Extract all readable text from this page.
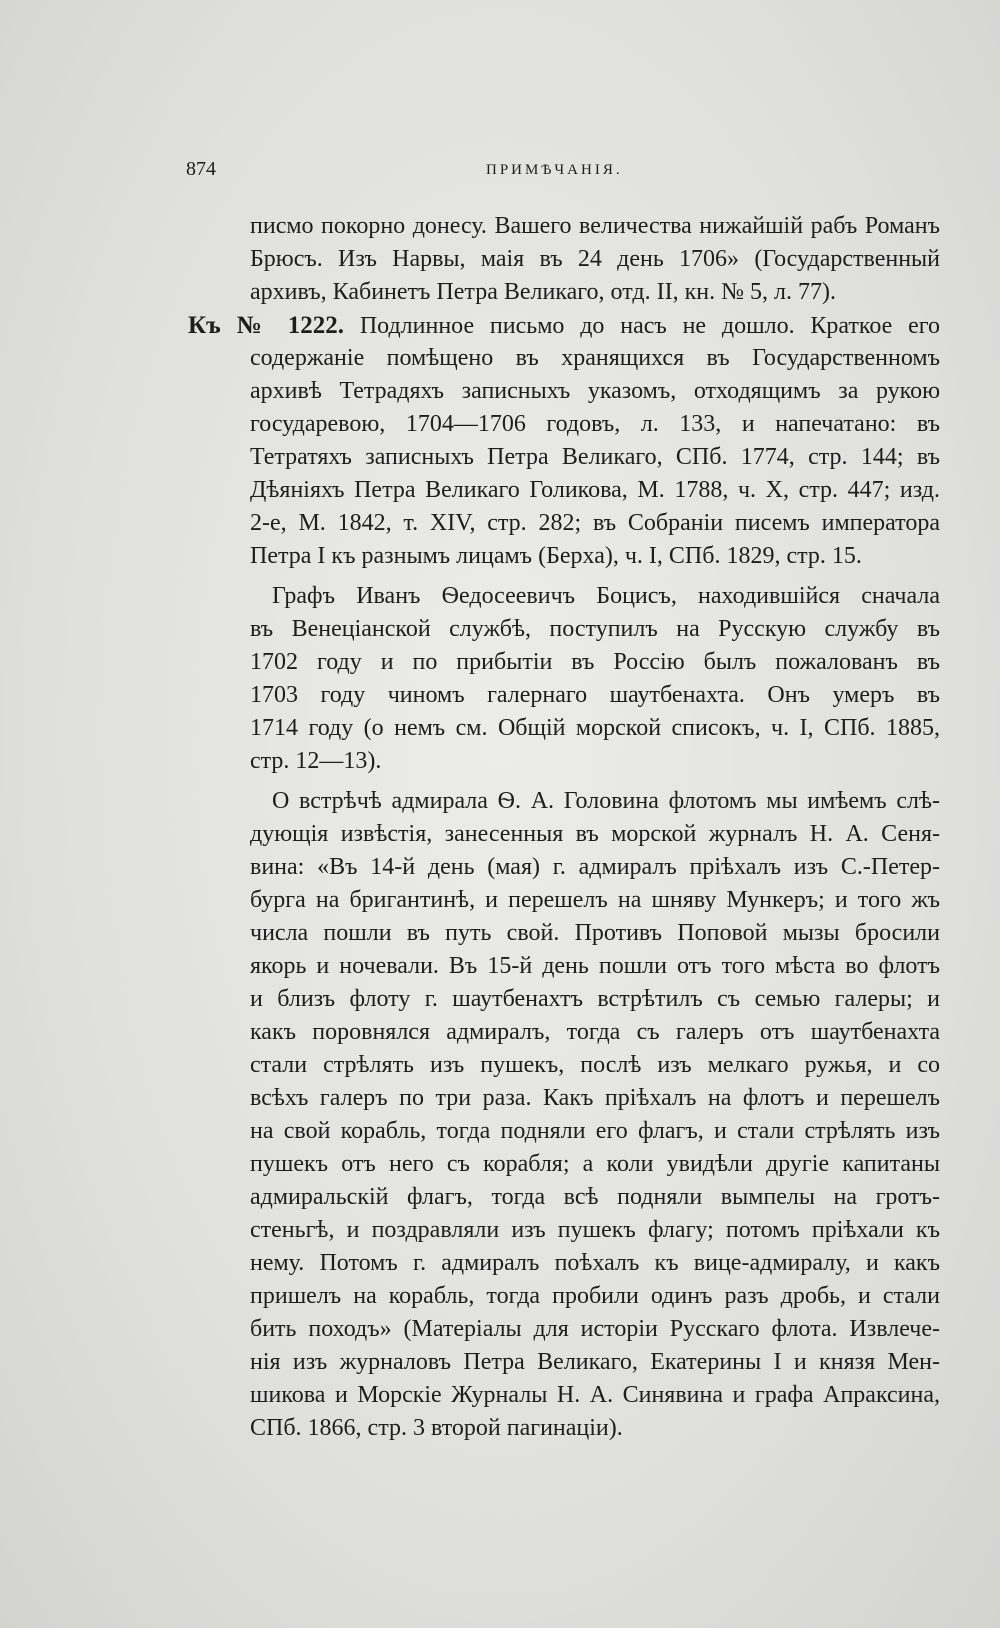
874	ПРИМѢЧАНІЯ.
писмо покорно донесу. Вашего величества нижайшій рабъ Романъ
Брюсъ. Изъ Нарвы, маія въ 24 день 1706» (Государственный
архивъ, Кабинетъ Петра Великаго, отд. II, кн. № 5, л. 77).
Къ № 1222. Подлинное письмо до насъ не дошло. Краткое его
содержаніе помѣщено въ хранящихся въ Государственномъ
архивѣ Тетрадяхъ записныхъ указомъ, отходящимъ за рукою
государевою, 1704—1706 годовъ, л. 133, и напечатано: въ
Тетратяхъ записныхъ Петра Великаго, СПб. 1774, стр. 144; въ
Дѣяніяхъ Петра Великаго Голикова, М. 1788, ч. X, стр. 447; изд.
2-е, М. 1842, т. XIV, стр. 282; въ Собраніи писемъ императора
Петра I къ разнымъ лицамъ (Берха), ч. I, СПб. 1829, стр. 15.
Графъ Иванъ Ѳедосеевичъ Боцисъ, находившійся сначала
въ Венеціанской службѣ, поступилъ на Русскую службу въ
1702 году и по прибытіи въ Россію былъ пожалованъ въ
1703 году чиномъ галернаго шаутбенахта. Онъ умеръ въ
1714 году (о немъ см. Общій морской списокъ, ч. I, СПб. 1885,
стр. 12—13).
О встрѣчѣ адмирала Ѳ. А. Головина флотомъ мы имѣемъ слѣ-
дующія извѣстія, занесенныя въ морской журналъ Н. А. Сеня-
вина: «Въ 14-й день (мая) г. адмиралъ пріѣхалъ изъ С.-Петер-
бурга на бригантинѣ, и перешелъ на шняву Мункеръ; и того жъ
числа пошли въ путь свой. Противъ Поповой мызы бросили
якорь и ночевали. Въ 15-й день пошли отъ того мѣста во флотъ
и близъ флоту г. шаутбенахтъ встрѣтилъ съ семью галеры; и
какъ поровнялся адмиралъ, тогда съ галеръ отъ шаутбенахта
стали стрѣлять изъ пушекъ, послѣ изъ мелкаго ружья, и со
всѣхъ галеръ по три раза. Какъ пріѣхалъ на флотъ и перешелъ
на свой корабль, тогда подняли его флагъ, и стали стрѣлять изъ
пушекъ отъ него съ корабля; а коли увидѣли другіе капитаны
адмиральскій флагъ, тогда всѣ подняли вымпелы на гротъ-
стеньгѣ, и поздравляли изъ пушекъ флагу; потомъ пріѣхали къ
нему. Потомъ г. адмиралъ поѣхалъ къ вице-адмиралу, и какъ
пришелъ на корабль, тогда пробили одинъ разъ дробь, и стали
бить походъ» (Матеріалы для исторіи Русскаго флота. Извлече-
нія изъ журналовъ Петра Великаго, Екатерины I и князя Мен-
шикова и Морскіе Журналы Н. А. Синявина и графа Апраксина,
СПб. 1866, стр. 3 второй пагинаціи).
